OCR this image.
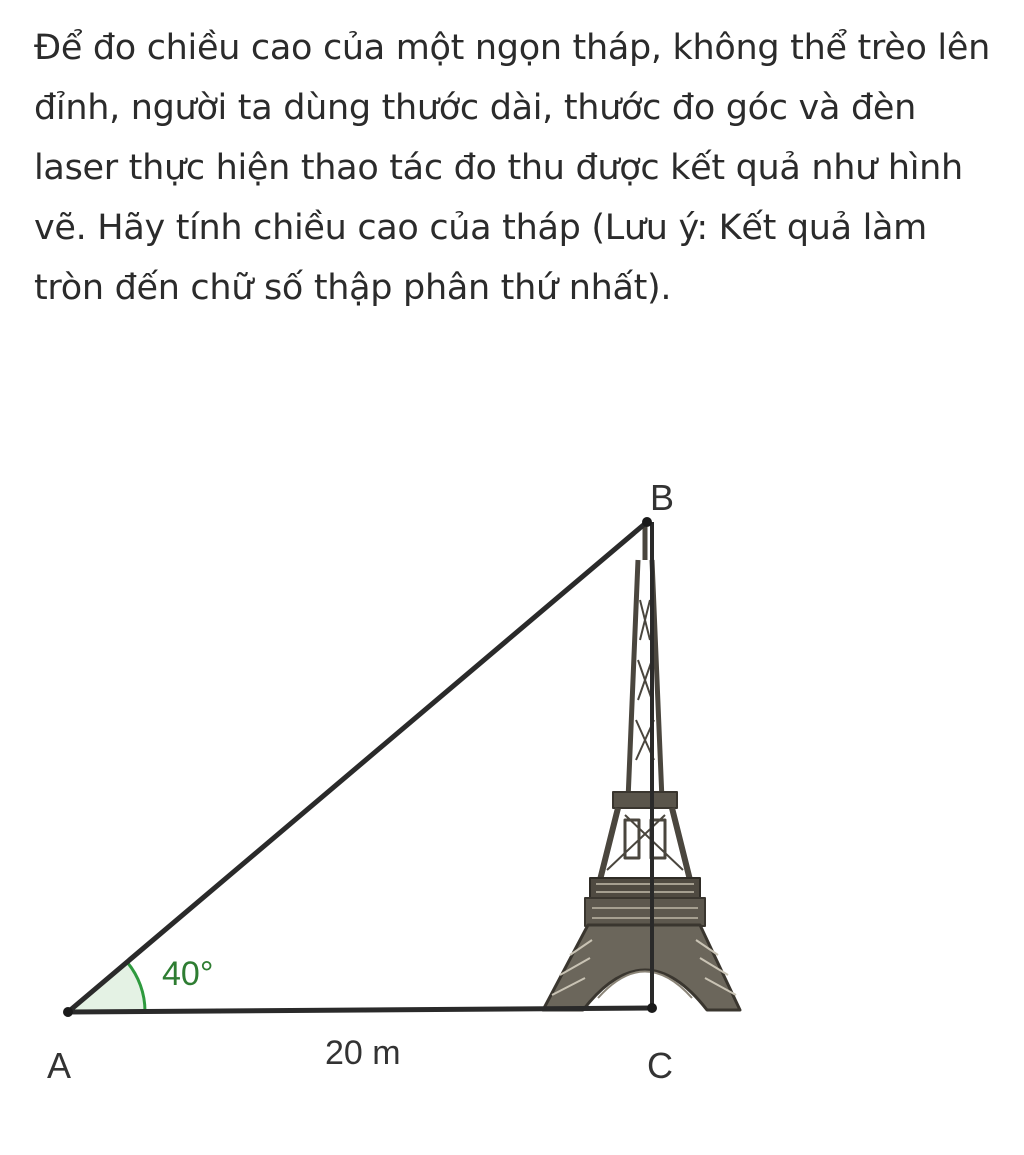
Để đo chiều cao của một ngọn tháp, không thể trèo lên đỉnh, người ta dùng thước dài, thước đo góc và đèn laser thực hiện thao tác đo thu được kết quả như hình vẽ. Hãy tính chiều cao của tháp (Lưu ý: Kết quả làm tròn đến chữ số thập phân thứ nhất).

A
B
C
40°
20 m
